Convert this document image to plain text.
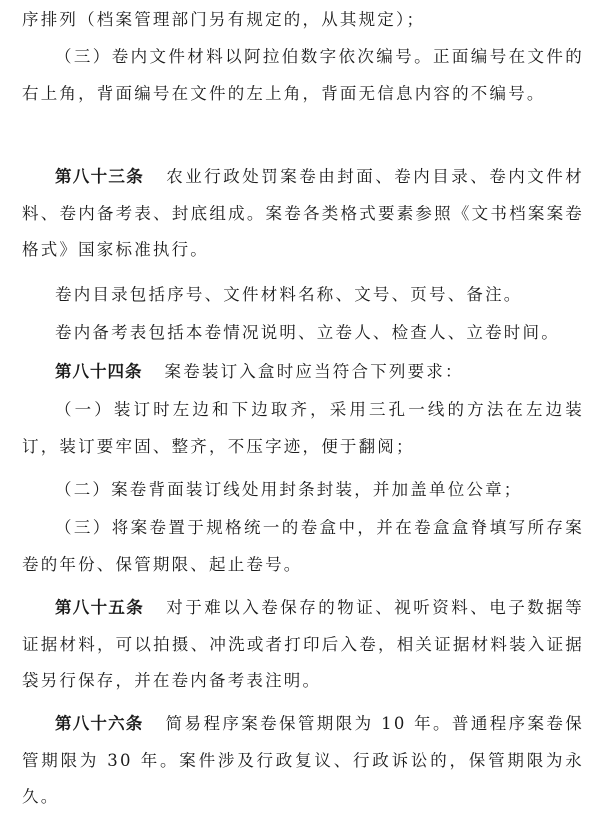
序排列（档案管理部门另有规定的，从其规定）；

（三）卷内文件材料以阿拉伯数字依次编号。正面编号在文件的右上角，背面编号在文件的左上角，背面无信息内容的不编号。

第八十三条 农业行政处罚案卷由封面、卷内目录、卷内文件材料、卷内备考表、封底组成。案卷各类格式要素参照《文书档案案卷格式》国家标准执行。

卷内目录包括序号、文件材料名称、文号、页号、备注。

卷内备考表包括本卷情况说明、立卷人、检查人、立卷时间。

第八十四条 案卷装订入盒时应当符合下列要求：

（一）装订时左边和下边取齐，采用三孔一线的方法在左边装订，装订要牢固、整齐，不压字迹，便于翻阅；

（二）案卷背面装订线处用封条封装，并加盖单位公章；

（三）将案卷置于规格统一的卷盒中，并在卷盒盒脊填写所存案卷的年份、保管期限、起止卷号。

第八十五条 对于难以入卷保存的物证、视听资料、电子数据等证据材料，可以拍摄、冲洗或者打印后入卷，相关证据材料装入证据袋另行保存，并在卷内备考表注明。

第八十六条 简易程序案卷保管期限为 10 年。普通程序案卷保管期限为 30 年。案件涉及行政复议、行政诉讼的，保管期限为永久。
